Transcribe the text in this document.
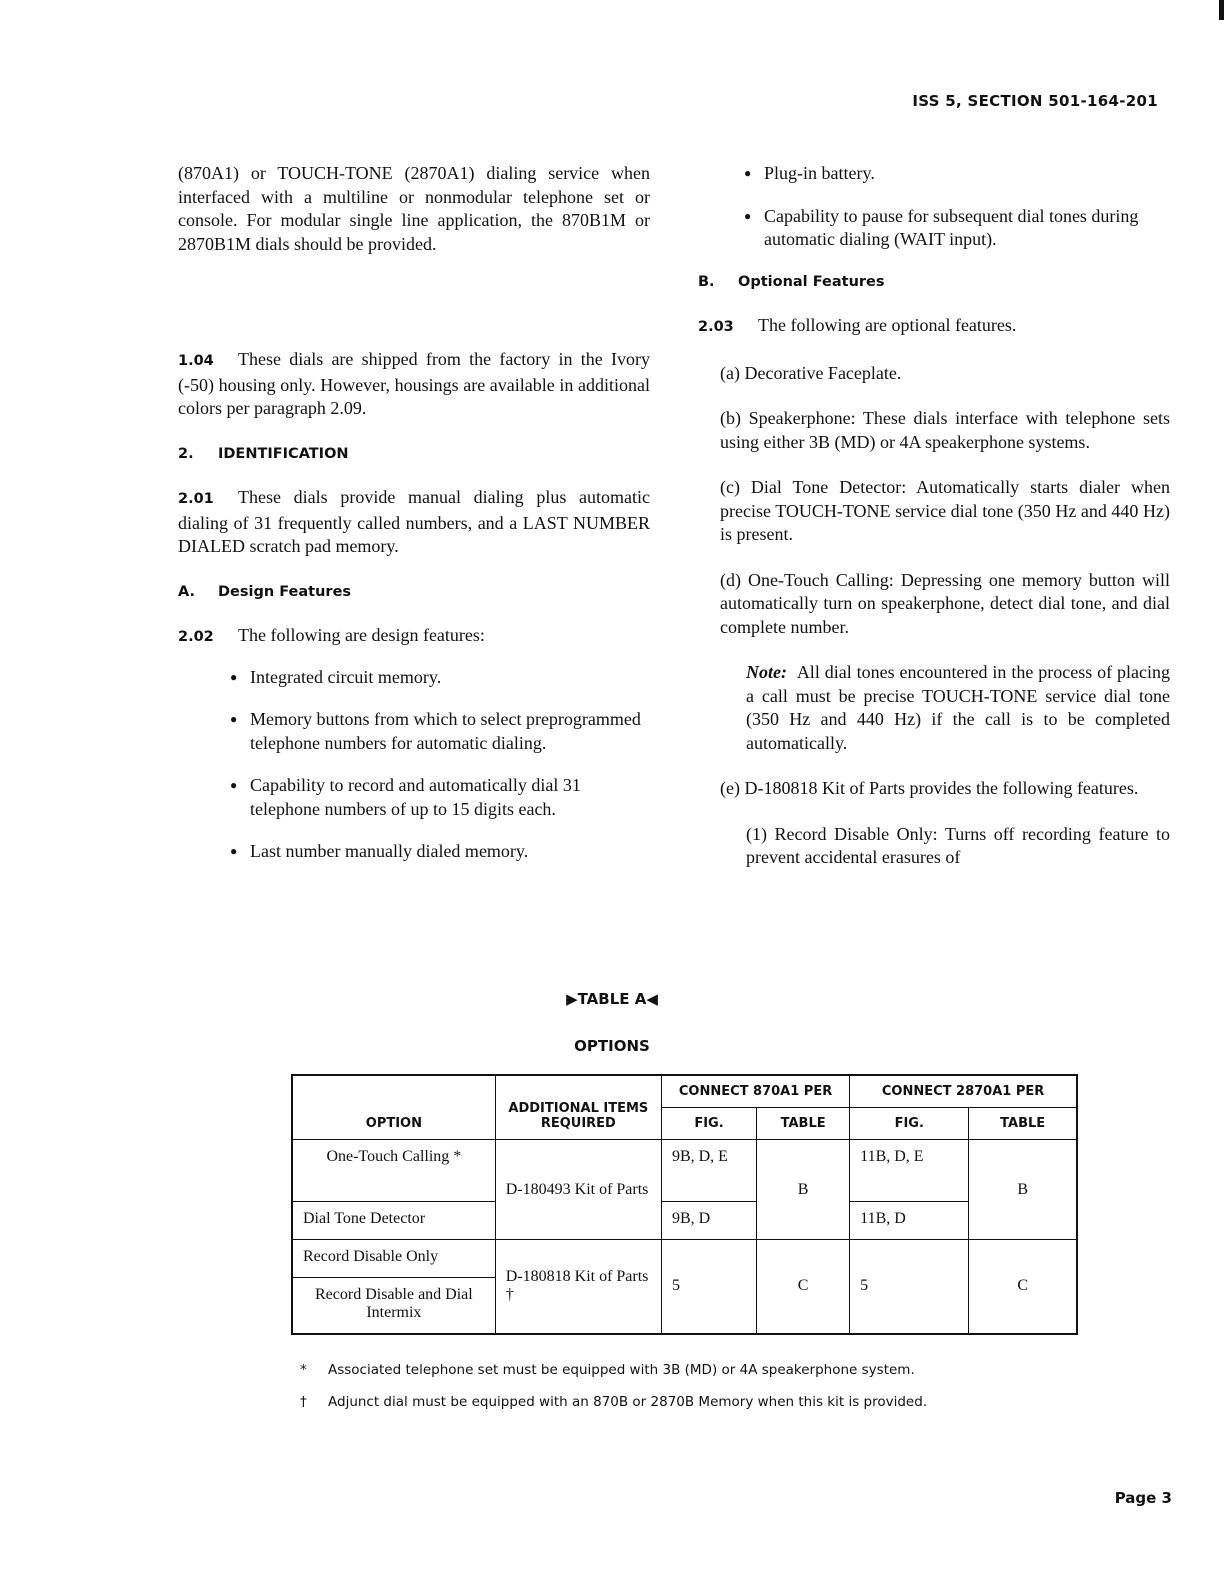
ISS 5, SECTION 501-164-201

(870A1) or TOUCH-TONE (2870A1) dialing service when interfaced with a multiline or nonmodular telephone set or console. For modular single line application, the 870B1M or 2870B1M dials should be provided.

1.04 These dials are shipped from the factory in the Ivory (-50) housing only. However, housings are available in additional colors per paragraph 2.09.

2. IDENTIFICATION

2.01 These dials provide manual dialing plus automatic dialing of 31 frequently called numbers, and a LAST NUMBER DIALED scratch pad memory.

A. Design Features

2.02 The following are design features:

● Integrated circuit memory.
● Memory buttons from which to select preprogrammed telephone numbers for automatic dialing.
● Capability to record and automatically dial 31 telephone numbers of up to 15 digits each.
● Last number manually dialed memory.
● Plug-in battery.
● Capability to pause for subsequent dial tones during automatic dialing (WAIT input).
B. Optional Features

2.03 The following are optional features.

(a) Decorative Faceplate.

(b) Speakerphone: These dials interface with telephone sets using either 3B (MD) or 4A speakerphone systems.

(c) Dial Tone Detector: Automatically starts dialer when precise TOUCH-TONE service dial tone (350 Hz and 440 Hz) is present.

(d) One-Touch Calling: Depressing one memory button will automatically turn on speakerphone, detect dial tone, and dial complete number.

Note: All dial tones encountered in the process of placing a call must be precise TOUCH-TONE service dial tone (350 Hz and 440 Hz) if the call is to be completed automatically.

(e) D-180818 Kit of Parts provides the following features.

(1) Record Disable Only: Turns off recording feature to prevent accidental erasures of

▶TABLE A◀
OPTIONS
OPTION	ADDITIONAL ITEMS REQUIRED	CONNECT 870A1 PER		CONNECT 2870A1 PER	
		FIG.	TABLE	FIG.	TABLE
One-Touch Calling *	D-180493 Kit of Parts	9B, D, E	B	11B, D, E	B
Dial Tone Detector		9B, D		11B, D	
Record Disable Only	D-180818 Kit of Parts †	5	C	5	C
Record Disable and Dial Intermix					
* Associated telephone set must be equipped with 3B (MD) or 4A speakerphone system.
†	Adjunct dial must be equipped with an 870B or 2870B Memory when this kit is provided.
Page 3
